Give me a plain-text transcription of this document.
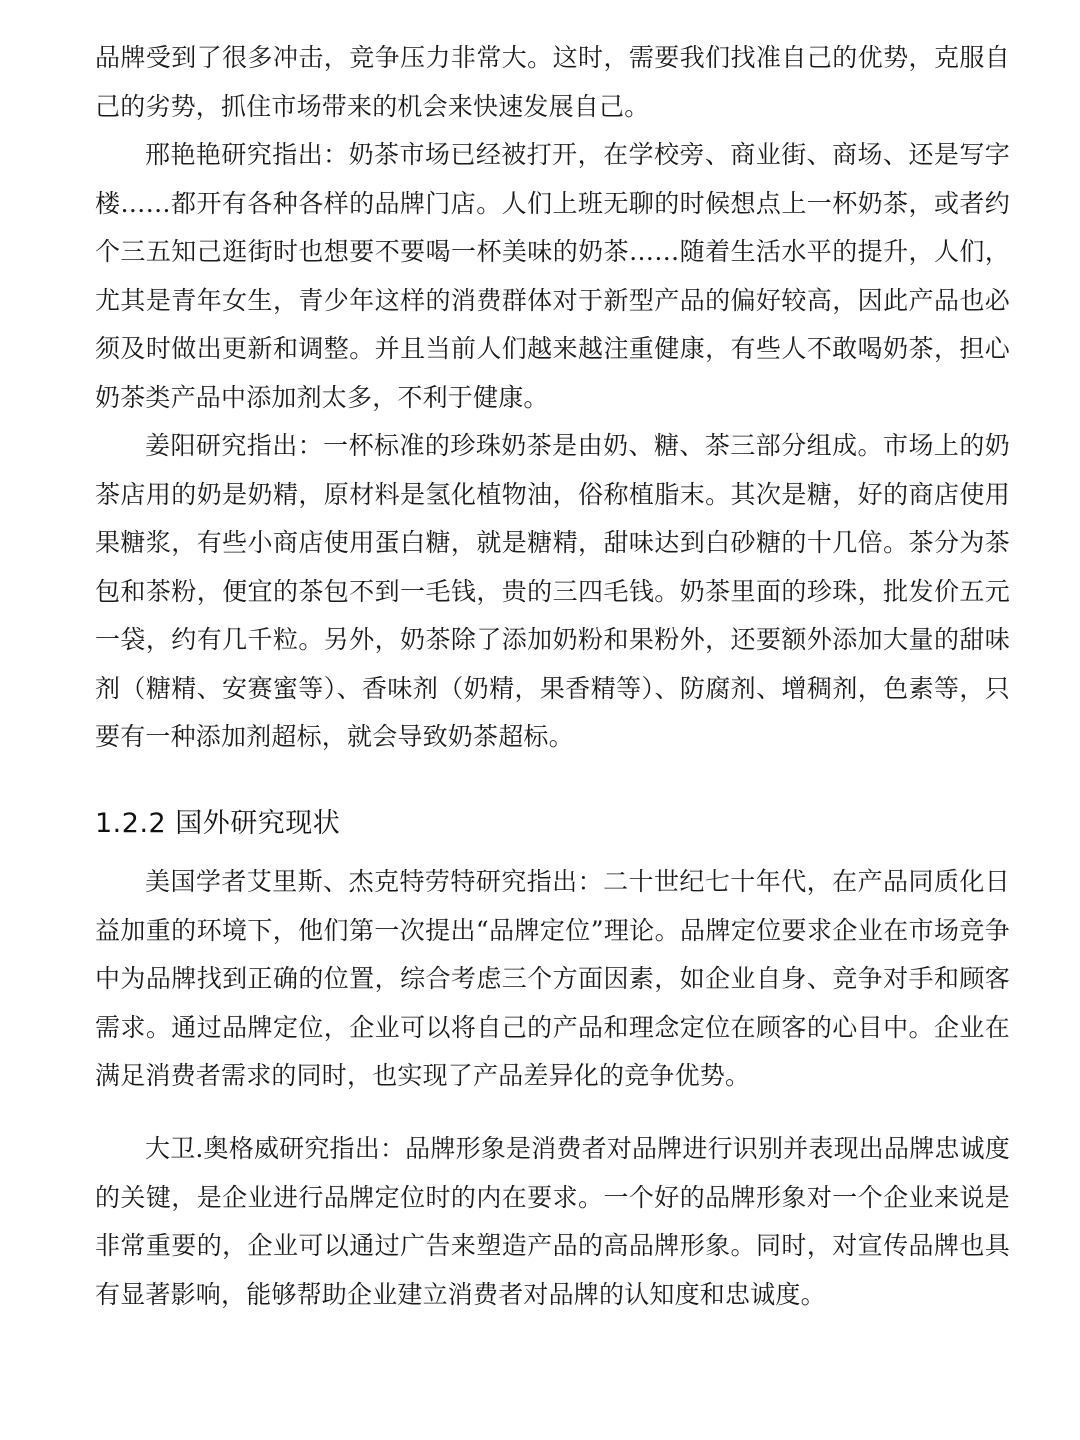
品牌受到了很多冲击，竞争压力非常大。这时，需要我们找准自己的优势，克服自己的劣势，抓住市场带来的机会来快速发展自己。

邢艳艳研究指出：奶茶市场已经被打开，在学校旁、商业街、商场、还是写字楼……都开有各种各样的品牌门店。人们上班无聊的时候想点上一杯奶茶，或者约个三五知己逛街时也想要不要喝一杯美味的奶茶……随着生活水平的提升，人们，尤其是青年女生，青少年这样的消费群体对于新型产品的偏好较高，因此产品也必须及时做出更新和调整。并且当前人们越来越注重健康，有些人不敢喝奶茶，担心奶茶类产品中添加剂太多，不利于健康。

姜阳研究指出：一杯标准的珍珠奶茶是由奶、糖、茶三部分组成。市场上的奶茶店用的奶是奶精，原材料是氢化植物油，俗称植脂末。其次是糖，好的商店使用果糖浆，有些小商店使用蛋白糖，就是糖精，甜味达到白砂糖的十几倍。茶分为茶包和茶粉，便宜的茶包不到一毛钱，贵的三四毛钱。奶茶里面的珍珠，批发价五元一袋，约有几千粒。另外，奶茶除了添加奶粉和果粉外，还要额外添加大量的甜味剂（糖精、安赛蜜等）、香味剂（奶精，果香精等）、防腐剂、增稠剂，色素等，只要有一种添加剂超标，就会导致奶茶超标。

1.2.2 国外研究现状

美国学者艾里斯、杰克特劳特研究指出：二十世纪七十年代，在产品同质化日益加重的环境下，他们第一次提出“品牌定位”理论。品牌定位要求企业在市场竞争中为品牌找到正确的位置，综合考虑三个方面因素，如企业自身、竞争对手和顾客需求。通过品牌定位，企业可以将自己的产品和理念定位在顾客的心目中。企业在满足消费者需求的同时，也实现了产品差异化的竞争优势。

大卫.奥格威研究指出：品牌形象是消费者对品牌进行识别并表现出品牌忠诚度的关键，是企业进行品牌定位时的内在要求。一个好的品牌形象对一个企业来说是非常重要的，企业可以通过广告来塑造产品的高品牌形象。同时，对宣传品牌也具有显著影响，能够帮助企业建立消费者对品牌的认知度和忠诚度。
